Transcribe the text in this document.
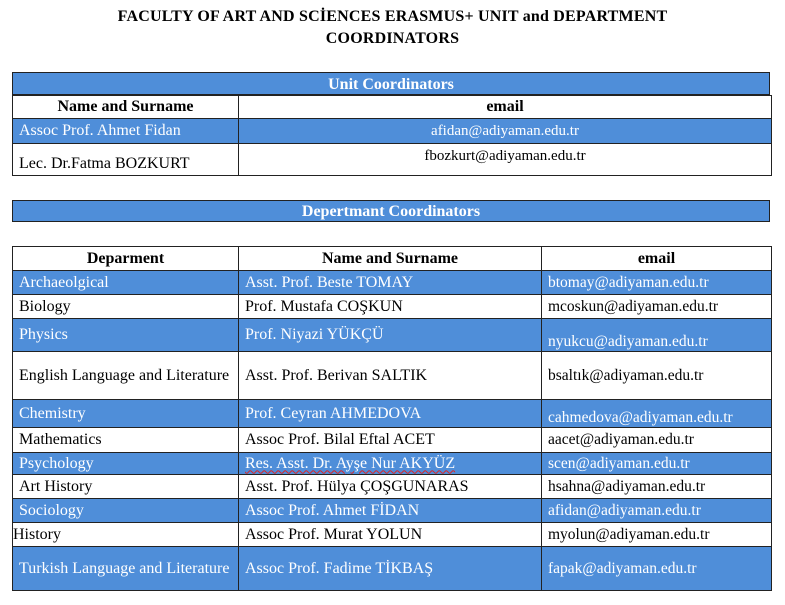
FACULTY OF ART AND SCİENCES ERASMUS+ UNIT and DEPARTMENT
COORDINATORS
Unit Coordinators
Name and Surname	email
Assoc Prof. Ahmet Fidan	afidan@adiyaman.edu.tr
Lec. Dr.Fatma BOZKURT	fbozkurt@adiyaman.edu.tr
Depertmant Coordinators
Deparment	Name and Surname	email
Archaeolgical	Asst. Prof. Beste TOMAY	btomay@adiyaman.edu.tr
Biology	Prof. Mustafa COŞKUN	mcoskun@adiyaman.edu.tr
Physics	Prof. Niyazi YÜKÇÜ	nyukcu@adiyaman.edu.tr
English Language and Literature	Asst. Prof. Berivan SALTIK	bsaltık@adiyaman.edu.tr
Chemistry	Prof. Ceyran AHMEDOVA	cahmedova@adiyaman.edu.tr
Mathematics	Assoc Prof. Bilal Eftal ACET	aacet@adiyaman.edu.tr
Psychology	Res. Asst. Dr. Ayşe Nur AKYÜZ	scen@adiyaman.edu.tr
Art History	Asst. Prof. Hülya ÇOŞGUNARAS	hsahna@adiyaman.edu.tr
Sociology	Assoc Prof. Ahmet FİDAN	afidan@adiyaman.edu.tr
History	Assoc Prof. Murat YOLUN	myolun@adiyaman.edu.tr
Turkish Language and Literature	Assoc Prof. Fadime TİKBAŞ	fapak@adiyaman.edu.tr
